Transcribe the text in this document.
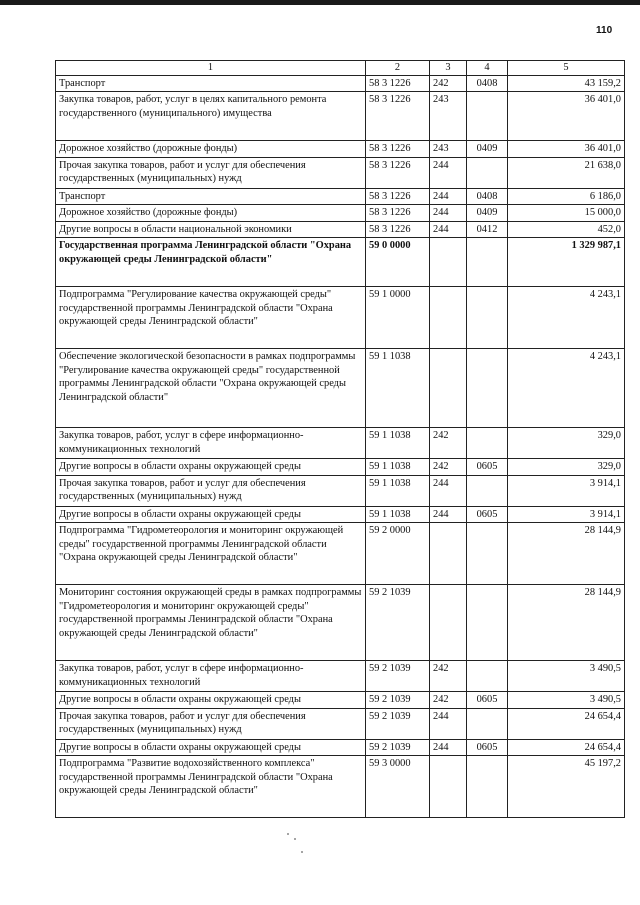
110
1	2	3	4	5
Транспорт	58 3 1226	242	0408	43 159,2
Закупка товаров, работ, услуг в целях капитального ремонта государственного (муниципального) имущества	58 3 1226	243		36 401,0
Дорожное хозяйство (дорожные фонды)	58 3 1226	243	0409	36 401,0
Прочая закупка товаров, работ и услуг для обеспечения государственных (муниципальных) нужд	58 3 1226	244		21 638,0
Транспорт	58 3 1226	244	0408	6 186,0
Дорожное хозяйство (дорожные фонды)	58 3 1226	244	0409	15 000,0
Другие вопросы в области национальной экономики	58 3 1226	244	0412	452,0
Государственная программа Ленинградской области "Охрана окружающей среды Ленинградской области"	59 0 0000			1 329 987,1
Подпрограмма "Регулирование качества окружающей среды" государственной программы Ленинградской области "Охрана окружающей среды Ленинградской области"	59 1 0000			4 243,1
Обеспечение экологической безопасности в рамках подпрограммы "Регулирование качества окружающей среды" государственной программы Ленинградской области "Охрана окружающей среды Ленинградской области"	59 1 1038			4 243,1
Закупка товаров, работ, услуг в сфере информационно-коммуникационных технологий	59 1 1038	242		329,0
Другие вопросы в области охраны окружающей среды	59 1 1038	242	0605	329,0
Прочая закупка товаров, работ и услуг для обеспечения государственных (муниципальных) нужд	59 1 1038	244		3 914,1
Другие вопросы в области охраны окружающей среды	59 1 1038	244	0605	3 914,1
Подпрограмма "Гидрометеорология и мониторинг окружающей среды" государственной программы Ленинградской области "Охрана окружающей среды Ленинградской области"	59 2 0000			28 144,9
Мониторинг состояния окружающей среды в рамках подпрограммы "Гидрометеорология и мониторинг окружающей среды" государственной программы Ленинградской области "Охрана окружающей среды Ленинградской области"	59 2 1039			28 144,9
Закупка товаров, работ, услуг в сфере информационно-коммуникационных технологий	59 2 1039	242		3 490,5
Другие вопросы в области охраны окружающей среды	59 2 1039	242	0605	3 490,5
Прочая закупка товаров, работ и услуг для обеспечения государственных (муниципальных) нужд	59 2 1039	244		24 654,4
Другие вопросы в области охраны окружающей среды	59 2 1039	244	0605	24 654,4
Подпрограмма "Развитие водохозяйственного комплекса" государственной программы Ленинградской области "Охрана окружающей среды Ленинградской области"	59 3 0000			45 197,2
